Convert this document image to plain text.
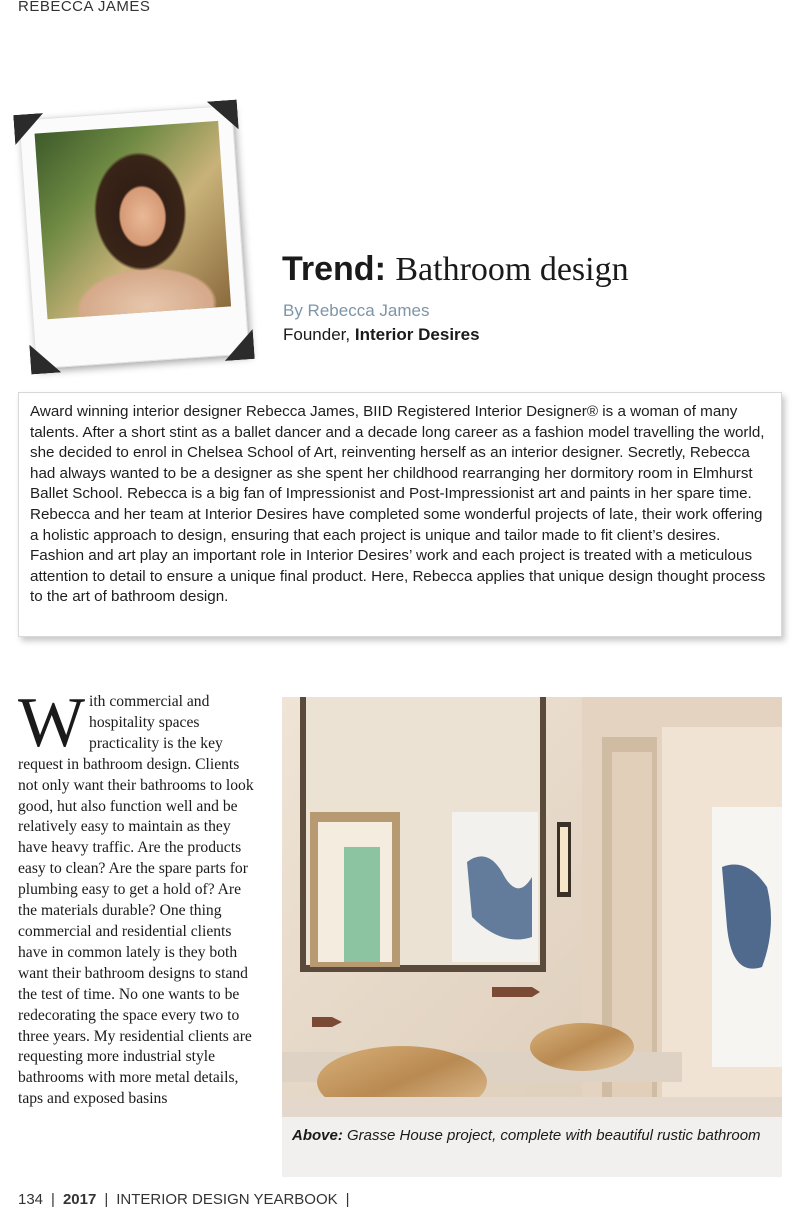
REBECCA JAMES
Trend: Bathroom design
By Rebecca James
Founder, Interior Desires

Award winning interior designer Rebecca James, BIID Registered Interior Designer® is a woman of many talents. After a short stint as a ballet dancer and a decade long career as a fashion model travelling the world, she decided to enrol in Chelsea School of Art, reinventing herself as an interior designer. Secretly, Rebecca had always wanted to be a designer as she spent her childhood rearranging her dormitory room in Elmhurst Ballet School. Rebecca is a big fan of Impressionist and Post-Impressionist art and paints in her spare time. Rebecca and her team at Interior Desires have completed some wonderful projects of late, their work offering a holistic approach to design, ensuring that each project is unique and tailor made to fit client’s desires. Fashion and art play an important role in Interior Desires’ work and each project is treated with a meticulous attention to detail to ensure a unique final product. Here, Rebecca applies that unique design thought process to the art of bathroom design.

W ith commercial and hospitality spaces practicality is the key request in bathroom design. Clients not only want their bathrooms to look good, hut also function well and be relatively easy to maintain as they have heavy traffic. Are the products easy to clean? Are the spare parts for plumbing easy to get a hold of? Are the materials durable? One thing commercial and residential clients have in common lately is they both want their bathroom designs to stand the test of time. No one wants to be redecorating the space every two to three years. My residential clients are requesting more industrial style bathrooms with more metal details, taps and exposed basins

Above: Grasse House project, complete with beautiful rustic bathroom

134 | 2017 | INTERIOR DESIGN YEARBOOK |
